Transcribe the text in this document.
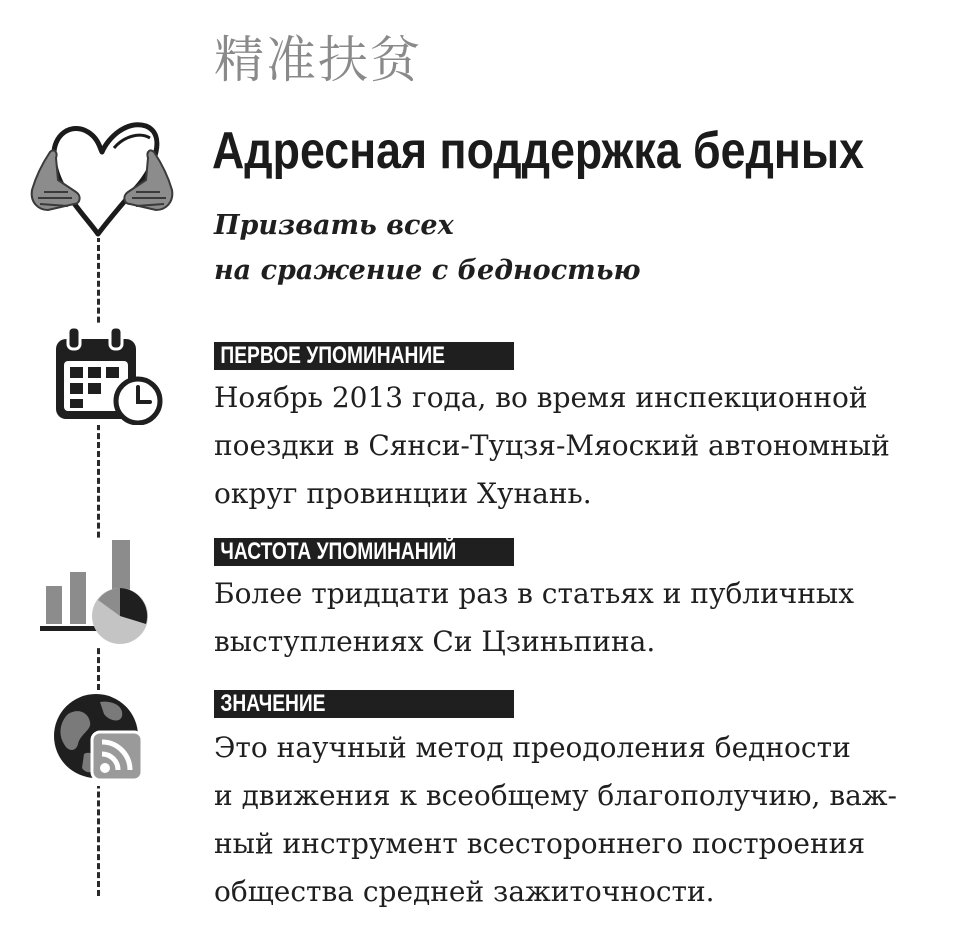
精准扶贫
Адресная поддержка бедных
Призвать всех
на сражение с бедностью
ПЕРВОЕ УПОМИНАНИЕ
Ноябрь 2013 года, во время инспекционной
поездки в Сянси-Туцзя-Мяоский автономный
округ провинции Хунань.
ЧАСТОТА УПОМИНАНИЙ
Более тридцати раз в статьях и публичных
выступлениях Си Цзиньпина.
ЗНАЧЕНИЕ
Это научный метод преодоления бедности
и движения к всеобщему благополучию, важ-
ный инструмент всестороннего построения
общества средней зажиточности.
